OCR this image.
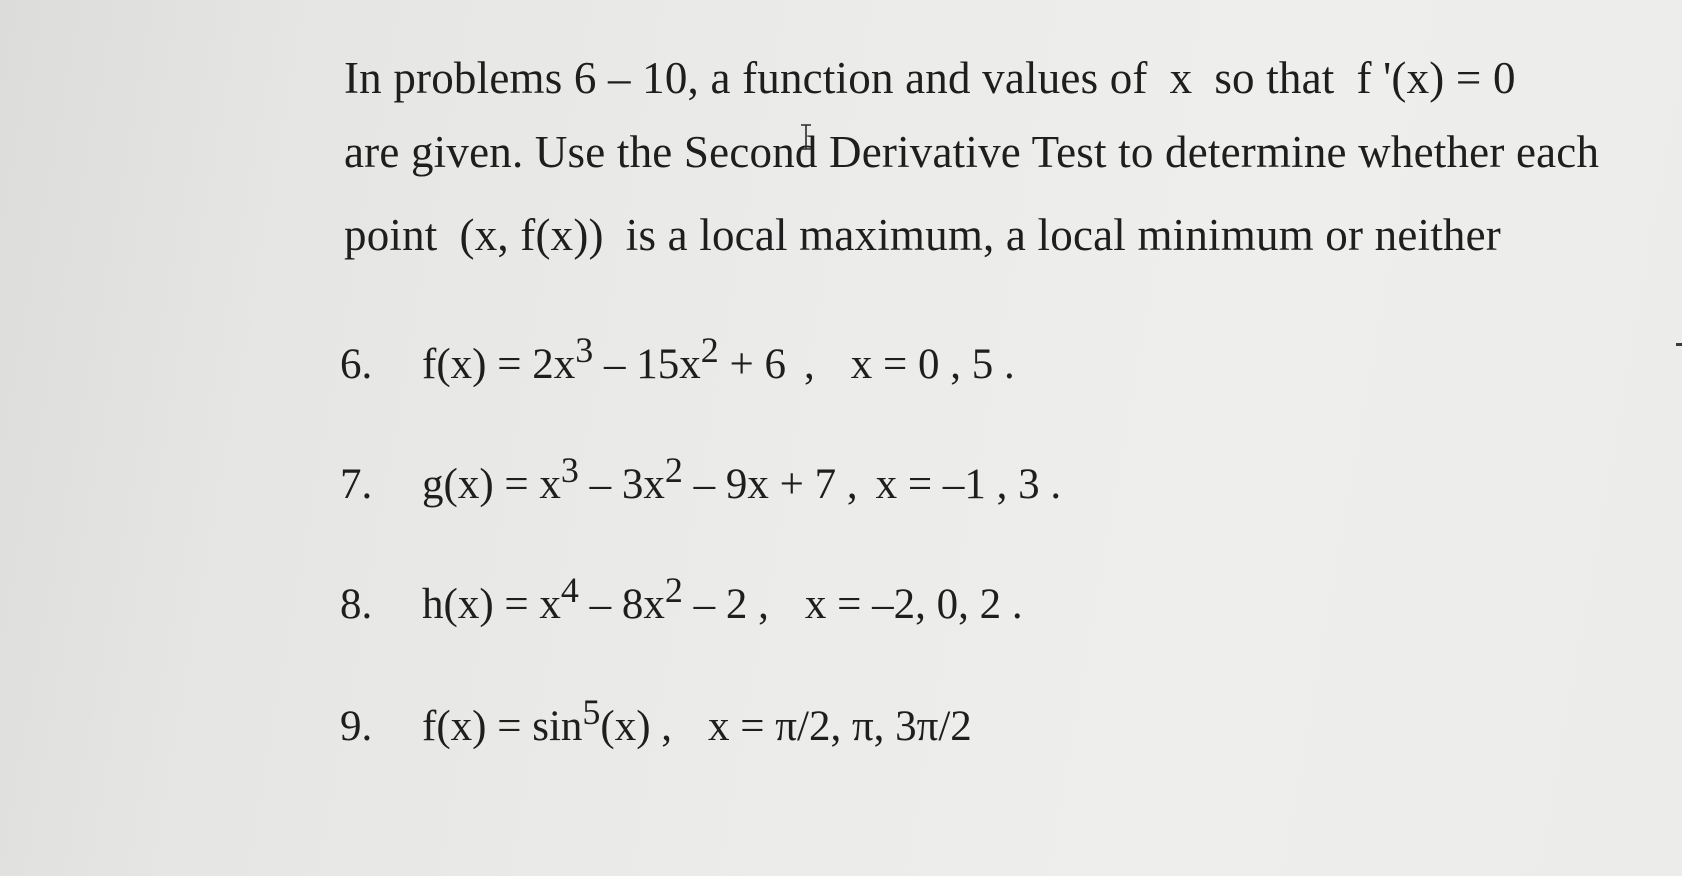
In problems 6 – 10, a function and values of x so that f '(x) = 0
are given. Use the Second Derivative Test to determine whether each
point (x, f(x)) is a local maximum, a local minimum or neither
6. $f(x) = 2x^3 - 15x^2 + 6$ , x = 0 , 5 .
7. $g(x) = x^3 - 3x^2 - 9x + 7$ , x = –1 , 3 .
8. $h(x) = x^4 - 8x^2 - 2$ , x = –2, 0, 2 .
9. $f(x) = \sin^5(x)$ , x = π/2, π, 3π/2
